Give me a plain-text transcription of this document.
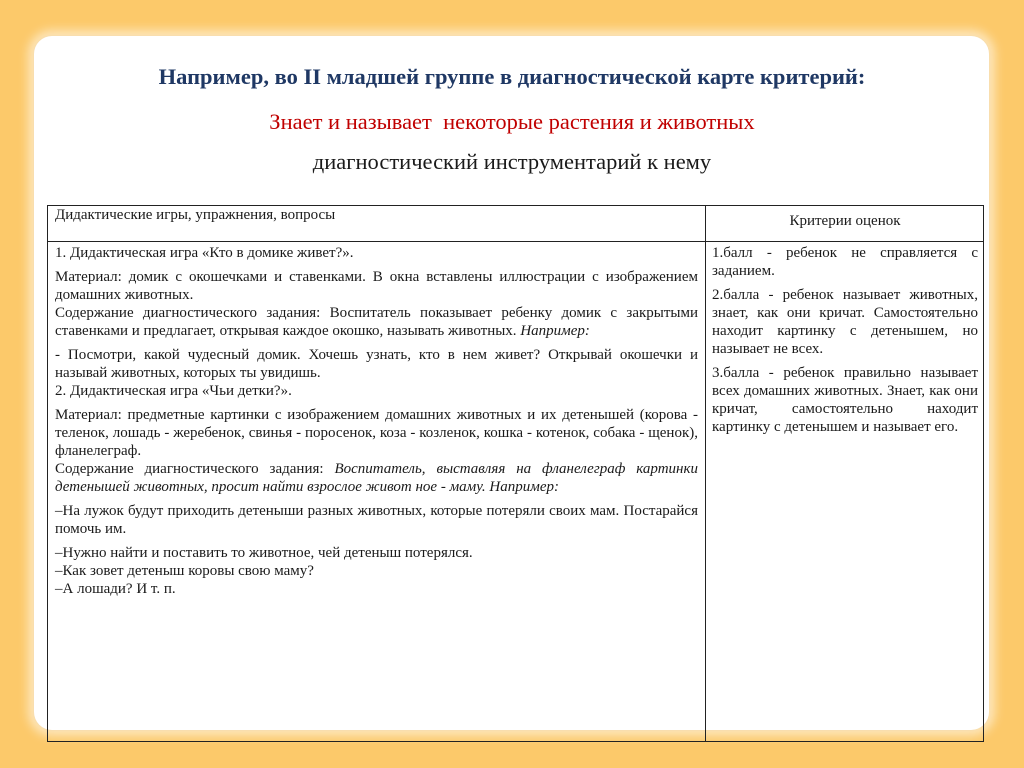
Например, во II младшей группе в диагностической карте критерий:
Знает и называет  некоторые растения и животных
диагностический инструментарий к нему
Дидактические игры, упражнения, вопросы	Критерии оценок

1. Дидактическая игра «Кто в домике живет?».

Материал: домик с окошечками и ставенками. В окна вставлены иллюстрации с изображением домашних животных.

Содержание диагностического задания: Воспитатель показывает ребенку домик с закрытыми ставенками и предлагает, открывая каждое окошко, называть животных. Например:

- Посмотри, какой чудесный домик. Хочешь узнать, кто в нем живет? Открывай окошечки и называй животных, которых ты увидишь.

2. Дидактическая игра «Чьи детки?».

Материал: предметные картинки с изображением домашних животных и их детенышей (корова - теленок, лошадь - жеребенок, свинья - поросенок, коза - козленок, кошка - котенок, собака - щенок), фланелеграф.

Содержание диагностического задания: Воспитатель, выставляя на фланелеграф картинки детенышей животных, просит найти взрослое живот ное - маму. Например:

–На лужок будут приходить детеныши разных животных, которые потеряли своих мам. Постарайся помочь им.

–Нужно найти и поставить то животное, чей детеныш потерялся.

–Как зовет детеныш коровы свою маму?

–А лошади? И т. п.

1.балл - ребенок не справляется с заданием.

2.балла - ребенок называет животных, знает, как они кричат. Самостоятельно находит картинку с детенышем, но называет не всех.

3.балла - ребенок правильно называет всех домашних животных. Знает, как они кричат, самостоятельно находит картинку с детенышем и называет его.
